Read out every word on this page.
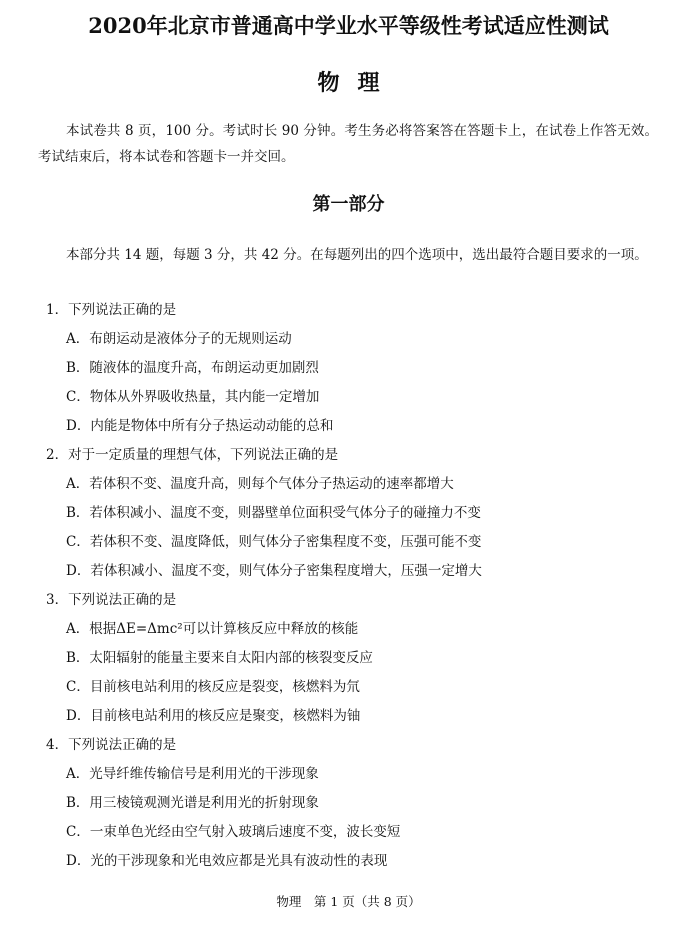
2020年北京市普通高中学业水平等级性考试适应性测试
物理
本试卷共 8 页，100 分。考试时长 90 分钟。考生务必将答案答在答题卡上，在试卷上作答无效。考试结束后，将本试卷和答题卡一并交回。
第一部分
本部分共 14 题，每题 3 分，共 42 分。在每题列出的四个选项中，选出最符合题目要求的一项。
1．下列说法正确的是
A．布朗运动是液体分子的无规则运动
B．随液体的温度升高，布朗运动更加剧烈
C．物体从外界吸收热量，其内能一定增加
D．内能是物体中所有分子热运动动能的总和
2．对于一定质量的理想气体，下列说法正确的是
A．若体积不变、温度升高，则每个气体分子热运动的速率都增大
B．若体积减小、温度不变，则器壁单位面积受气体分子的碰撞力不变
C．若体积不变、温度降低，则气体分子密集程度不变，压强可能不变
D．若体积减小、温度不变，则气体分子密集程度增大，压强一定增大
3．下列说法正确的是
A．根据ΔE=Δmc²可以计算核反应中释放的核能
B．太阳辐射的能量主要来自太阳内部的核裂变反应
C．目前核电站利用的核反应是裂变，核燃料为氘
D．目前核电站利用的核反应是聚变，核燃料为铀
4．下列说法正确的是
A．光导纤维传输信号是利用光的干涉现象
B．用三棱镜观测光谱是利用光的折射现象
C．一束单色光经由空气射入玻璃后速度不变，波长变短
D．光的干涉现象和光电效应都是光具有波动性的表现
物理　第 1 页（共 8 页）
